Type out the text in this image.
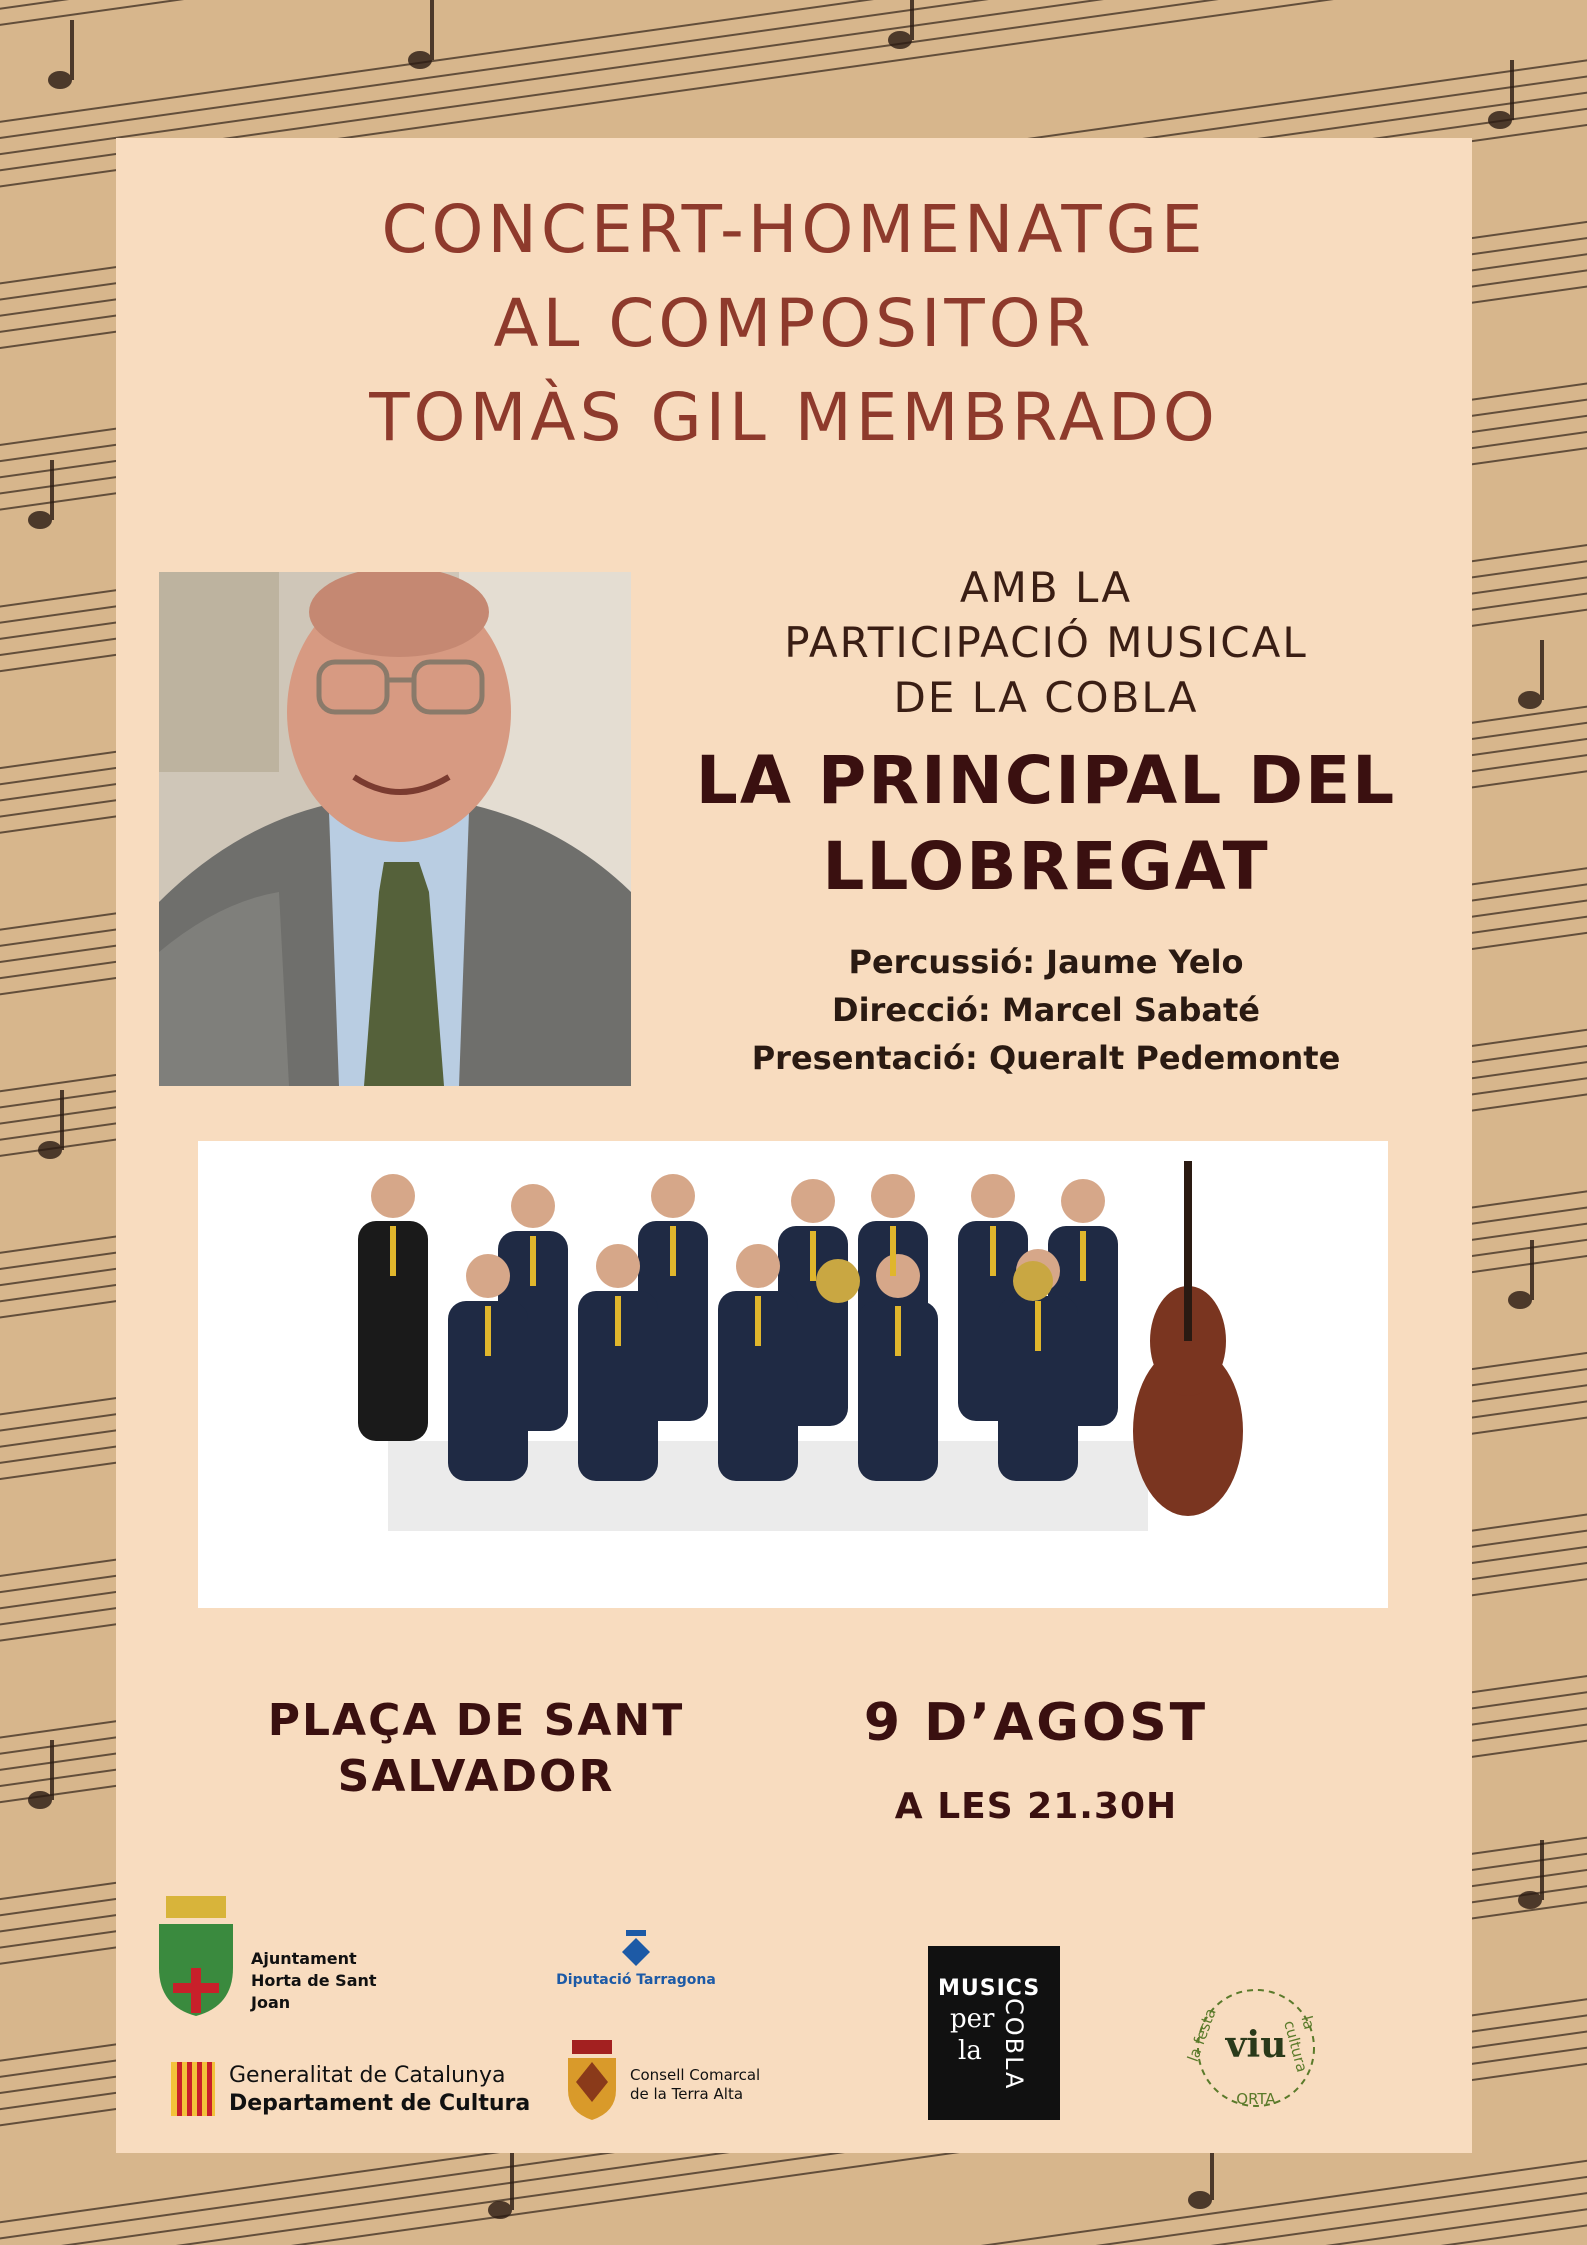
CONCERT-HOMENATGE
AL COMPOSITOR
TOMÀS GIL MEMBRADO
AMB LA
PARTICIPACIÓ MUSICAL
DE LA COBLA
LA PRINCIPAL DEL
LLOBREGAT
Percussió: Jaume Yelo
Direcció: Marcel Sabaté
Presentació: Queralt Pedemonte
PLAÇA DE SANT
SALVADOR
9 D’AGOST
A LES 21.30H
Ajuntament
Horta de Sant Joan
Diputació Tarragona	MUSICS
per
la COBLA	viu
la festa	la cultura
ORTA
Generalitat de Catalunya
Departament de Cultura
Consell Comarcal
de la Terra Alta
